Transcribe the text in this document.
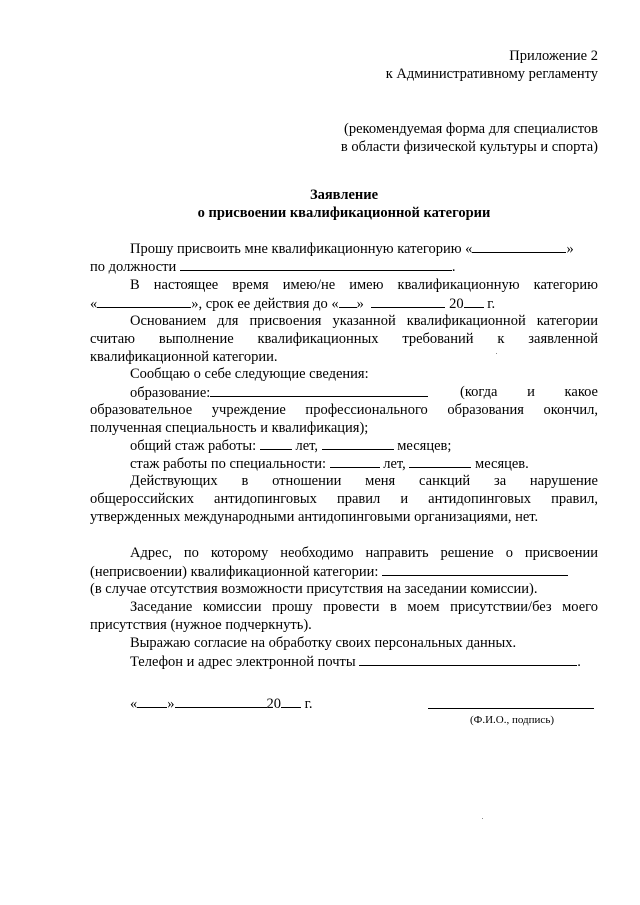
Приложение 2
к Административному регламенту
(рекомендуемая форма для специалистов
в области физической культуры и спорта)
Заявление
о присвоении квалификационной категории
Прошу присвоить мне квалификационную категорию «	»
по должности	.
В настоящее время имею/не имею квалификационную категорию
«	», срок ее действия до « »	20 г.
Основанием для присвоения указанной квалификационной категории
считаю выполнение квалификационных требований к заявленной
квалификационной категории.
Сообщаю о себе следующие сведения:
образование:	(когда и какое
образовательное учреждение профессионального образования окончил,
полученная специальность и квалификация);
общий стаж работы:	лет,	месяцев;
стаж работы по специальности:	лет,	месяцев.
Действующих в отношении меня санкций за нарушение
общероссийских антидопинговых правил и антидопинговых правил,
утвержденных международными антидопинговыми организациями, нет.
Адрес, по которому необходимо направить решение о присвоении
(неприсвоении) квалификационной категории:
(в случае отсутствия возможности присутствия на заседании комиссии).
Заседание комиссии прошу провести в моем присутствии/без моего
присутствия (нужное подчеркнуть).
Выражаю согласие на обработку своих персональных данных.
Телефон и адрес электронной почты	.
« »	20 г.
(Ф.И.О., подпись)
